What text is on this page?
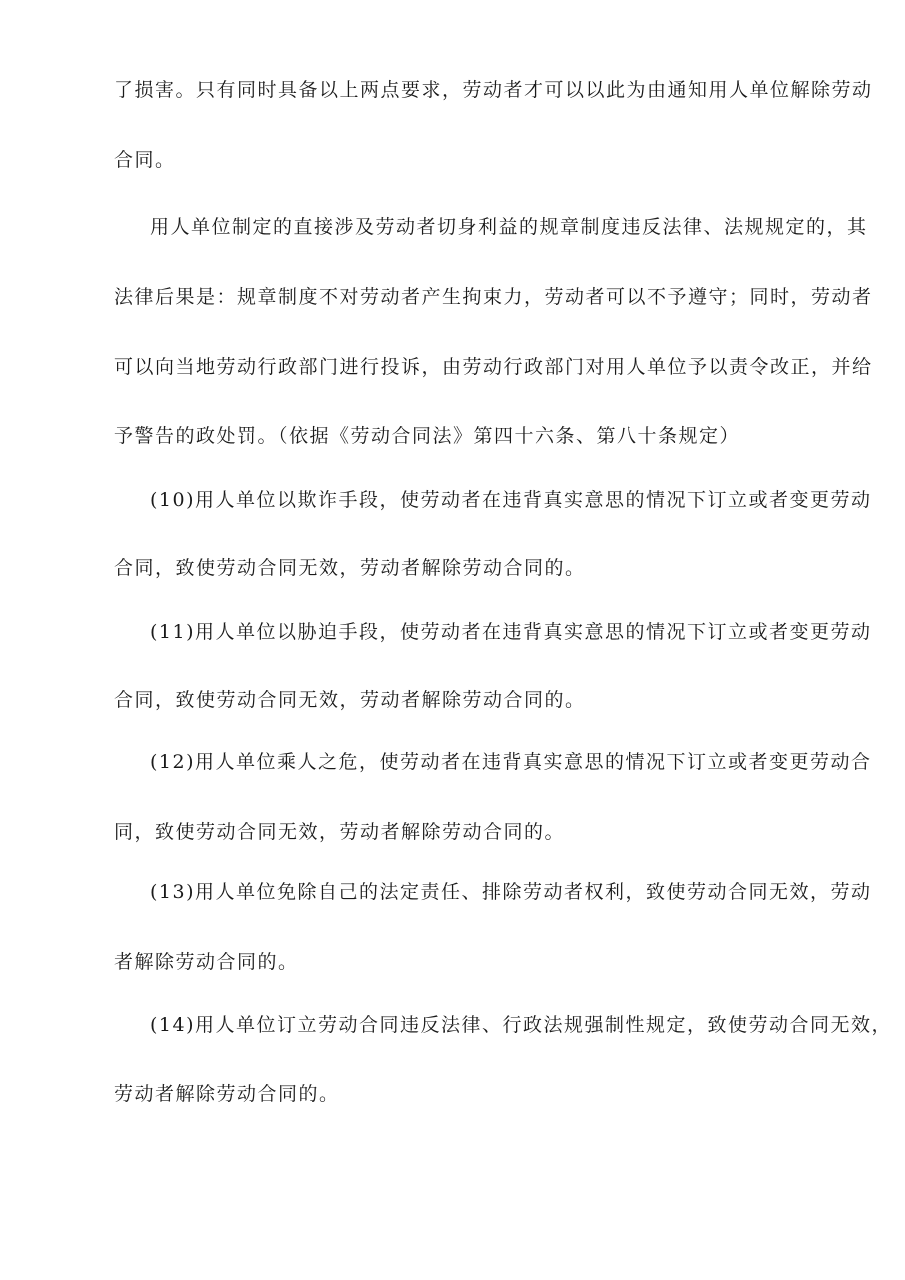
了损害。只有同时具备以上两点要求，劳动者才可以以此为由通知用人单位解除劳动
合同。
用人单位制定的直接涉及劳动者切身利益的规章制度违反法律、法规规定的，其
法律后果是：规章制度不对劳动者产生拘束力，劳动者可以不予遵守；同时，劳动者
可以向当地劳动行政部门进行投诉，由劳动行政部门对用人单位予以责令改正，并给
予警告的政处罚。（依据《劳动合同法》第四十六条、第八十条规定）
(10)用人单位以欺诈手段，使劳动者在违背真实意思的情况下订立或者变更劳动
合同，致使劳动合同无效，劳动者解除劳动合同的。
(11)用人单位以胁迫手段，使劳动者在违背真实意思的情况下订立或者变更劳动
合同，致使劳动合同无效，劳动者解除劳动合同的。
(12)用人单位乘人之危，使劳动者在违背真实意思的情况下订立或者变更劳动合
同，致使劳动合同无效，劳动者解除劳动合同的。
(13)用人单位免除自己的法定责任、排除劳动者权利，致使劳动合同无效，劳动
者解除劳动合同的。
(14)用人单位订立劳动合同违反法律、行政法规强制性规定，致使劳动合同无效，
劳动者解除劳动合同的。
